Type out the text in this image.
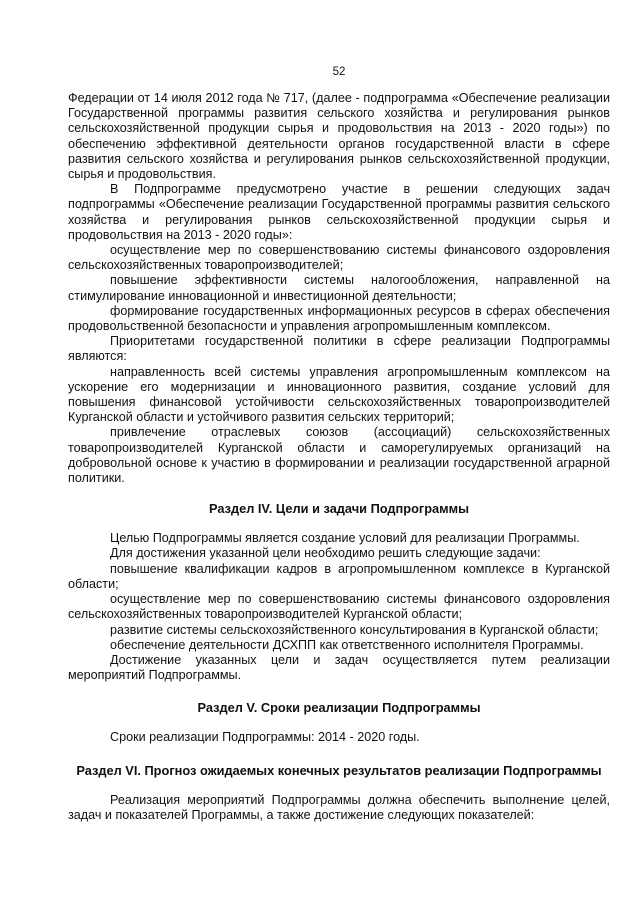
52

Федерации от 14 июля 2012 года № 717, (далее - подпрограмма «Обеспечение реализации Государственной программы развития сельского хозяйства и регулирования рынков сельскохозяйственной продукции сырья и продовольствия на 2013 - 2020 годы») по обеспечению эффективной деятельности органов государственной власти в сфере развития сельского хозяйства и регулирования рынков сельскохозяйственной продукции, сырья и продовольствия.

В Подпрограмме предусмотрено участие в решении следующих задач подпрограммы «Обеспечение реализации Государственной программы развития сельского хозяйства и регулирования рынков сельскохозяйственной продукции сырья и продовольствия на 2013 - 2020 годы»:

осуществление мер по совершенствованию системы финансового оздоровления сельскохозяйственных товаропроизводителей;

повышение эффективности системы налогообложения, направленной на стимулирование инновационной и инвестиционной деятельности;

формирование государственных информационных ресурсов в сферах обеспечения продовольственной безопасности и управления агропромышленным комплексом.

Приоритетами государственной политики в сфере реализации Подпрограммы являются:

направленность всей системы управления агропромышленным комплексом на ускорение его модернизации и инновационного развития, создание условий для повышения финансовой устойчивости сельскохозяйственных товаропроизводителей Курганской области и устойчивого развития сельских территорий;

привлечение отраслевых союзов (ассоциаций) сельскохозяйственных товаропроизводителей Курганской области и саморегулируемых организаций на добровольной основе к участию в формировании и реализации государственной аграрной политики.

Раздел IV. Цели и задачи Подпрограммы

Целью Подпрограммы является создание условий для реализации Программы.

Для достижения указанной цели необходимо решить следующие задачи:

повышение квалификации кадров в агропромышленном комплексе в Курганской области;

осуществление мер по совершенствованию системы финансового оздоровления сельскохозяйственных товаропроизводителей Курганской области;

развитие системы сельскохозяйственного консультирования в Курганской области;

обеспечение деятельности ДСХПП как ответственного исполнителя Программы.

Достижение указанных цели и задач осуществляется путем реализации мероприятий Подпрограммы.

Раздел V. Сроки реализации Подпрограммы

Сроки реализации Подпрограммы: 2014 - 2020 годы.

Раздел VI. Прогноз ожидаемых конечных результатов реализации Подпрограммы

Реализация мероприятий Подпрограммы должна обеспечить выполнение целей, задач и показателей Программы, а также достижение следующих показателей:
